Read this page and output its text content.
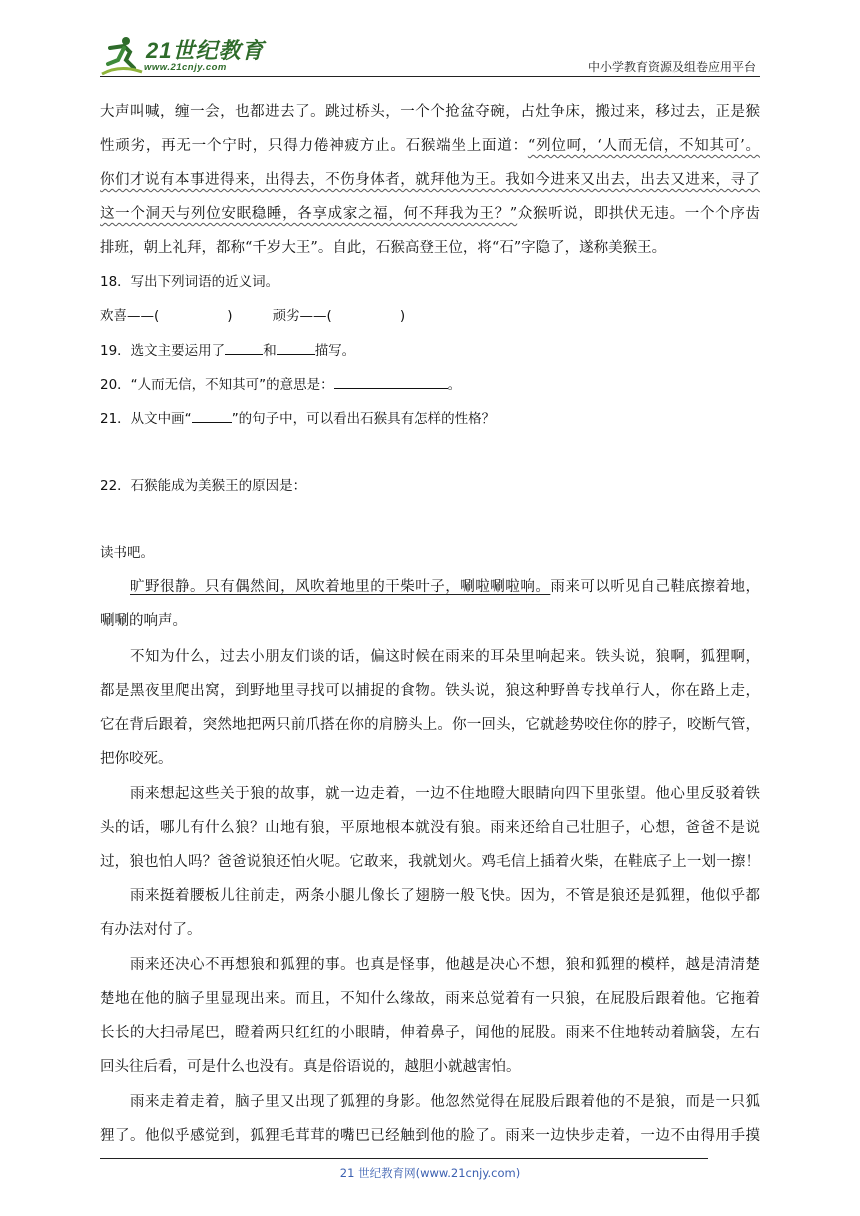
21世纪教育
www.21cnjy.com	中小学教育资源及组卷应用平台
大声叫喊，缠一会，也都进去了。跳过桥头，一个个抢盆夺碗，占灶争床，搬过来，移过去，正是猴
性顽劣，再无一个宁时，只得力倦神疲方止。石猴端坐上面道：“列位呵，‘人而无信，不知其可’。
你们才说有本事进得来，出得去，不伤身体者，就拜他为王。我如今进来又出去，出去又进来，寻了
这一个洞天与列位安眠稳睡，各享成家之福，何不拜我为王？”众猴听说，即拱伏无违。一个个序齿
排班，朝上礼拜，都称“千岁大王”。自此，石猴高登王位，将“石”字隐了，遂称美猴王。
18．写出下列词语的近义词。
欢喜——(	)	顽劣——(	)
19．选文主要运用了	和	描写。
20．“人而无信，不知其可”的意思是：	。
21．从文中画“	”的句子中，可以看出石猴具有怎样的性格？
22．石猴能成为美猴王的原因是：
读书吧。
旷野很静。只有偶然间，风吹着地里的干柴叶子，唰啦唰啦响。雨来可以听见自己鞋底擦着地，
唰唰的响声。
不知为什么，过去小朋友们谈的话，偏这时候在雨来的耳朵里响起来。铁头说，狼啊，狐狸啊，
都是黑夜里爬出窝，到野地里寻找可以捕捉的食物。铁头说，狼这种野兽专找单行人，你在路上走，
它在背后跟着，突然地把两只前爪搭在你的肩膀头上。你一回头，它就趁势咬住你的脖子，咬断气管，
把你咬死。
雨来想起这些关于狼的故事，就一边走着，一边不住地瞪大眼睛向四下里张望。他心里反驳着铁
头的话，哪儿有什么狼？山地有狼，平原地根本就没有狼。雨来还给自己壮胆子，心想，爸爸不是说
过，狼也怕人吗？爸爸说狼还怕火呢。它敢来，我就划火。鸡毛信上插着火柴，在鞋底子上一划一擦！
雨来挺着腰板儿往前走，两条小腿儿像长了翅膀一般飞快。因为，不管是狼还是狐狸，他似乎都
有办法对付了。
雨来还决心不再想狼和狐狸的事。也真是怪事，他越是决心不想，狼和狐狸的模样，越是清清楚
楚地在他的脑子里显现出来。而且，不知什么缘故，雨来总觉着有一只狼，在屁股后跟着他。它拖着
长长的大扫帚尾巴，瞪着两只红红的小眼睛，伸着鼻子，闻他的屁股。雨来不住地转动着脑袋，左右
回头往后看，可是什么也没有。真是俗语说的，越胆小就越害怕。
雨来走着走着，脑子里又出现了狐狸的身影。他忽然觉得在屁股后跟着他的不是狼，而是一只狐
狸了。他似乎感觉到，狐狸毛茸茸的嘴巴已经触到他的脸了。雨来一边快步走着，一边不由得用手摸
21 世纪教育网(www.21cnjy.com)
